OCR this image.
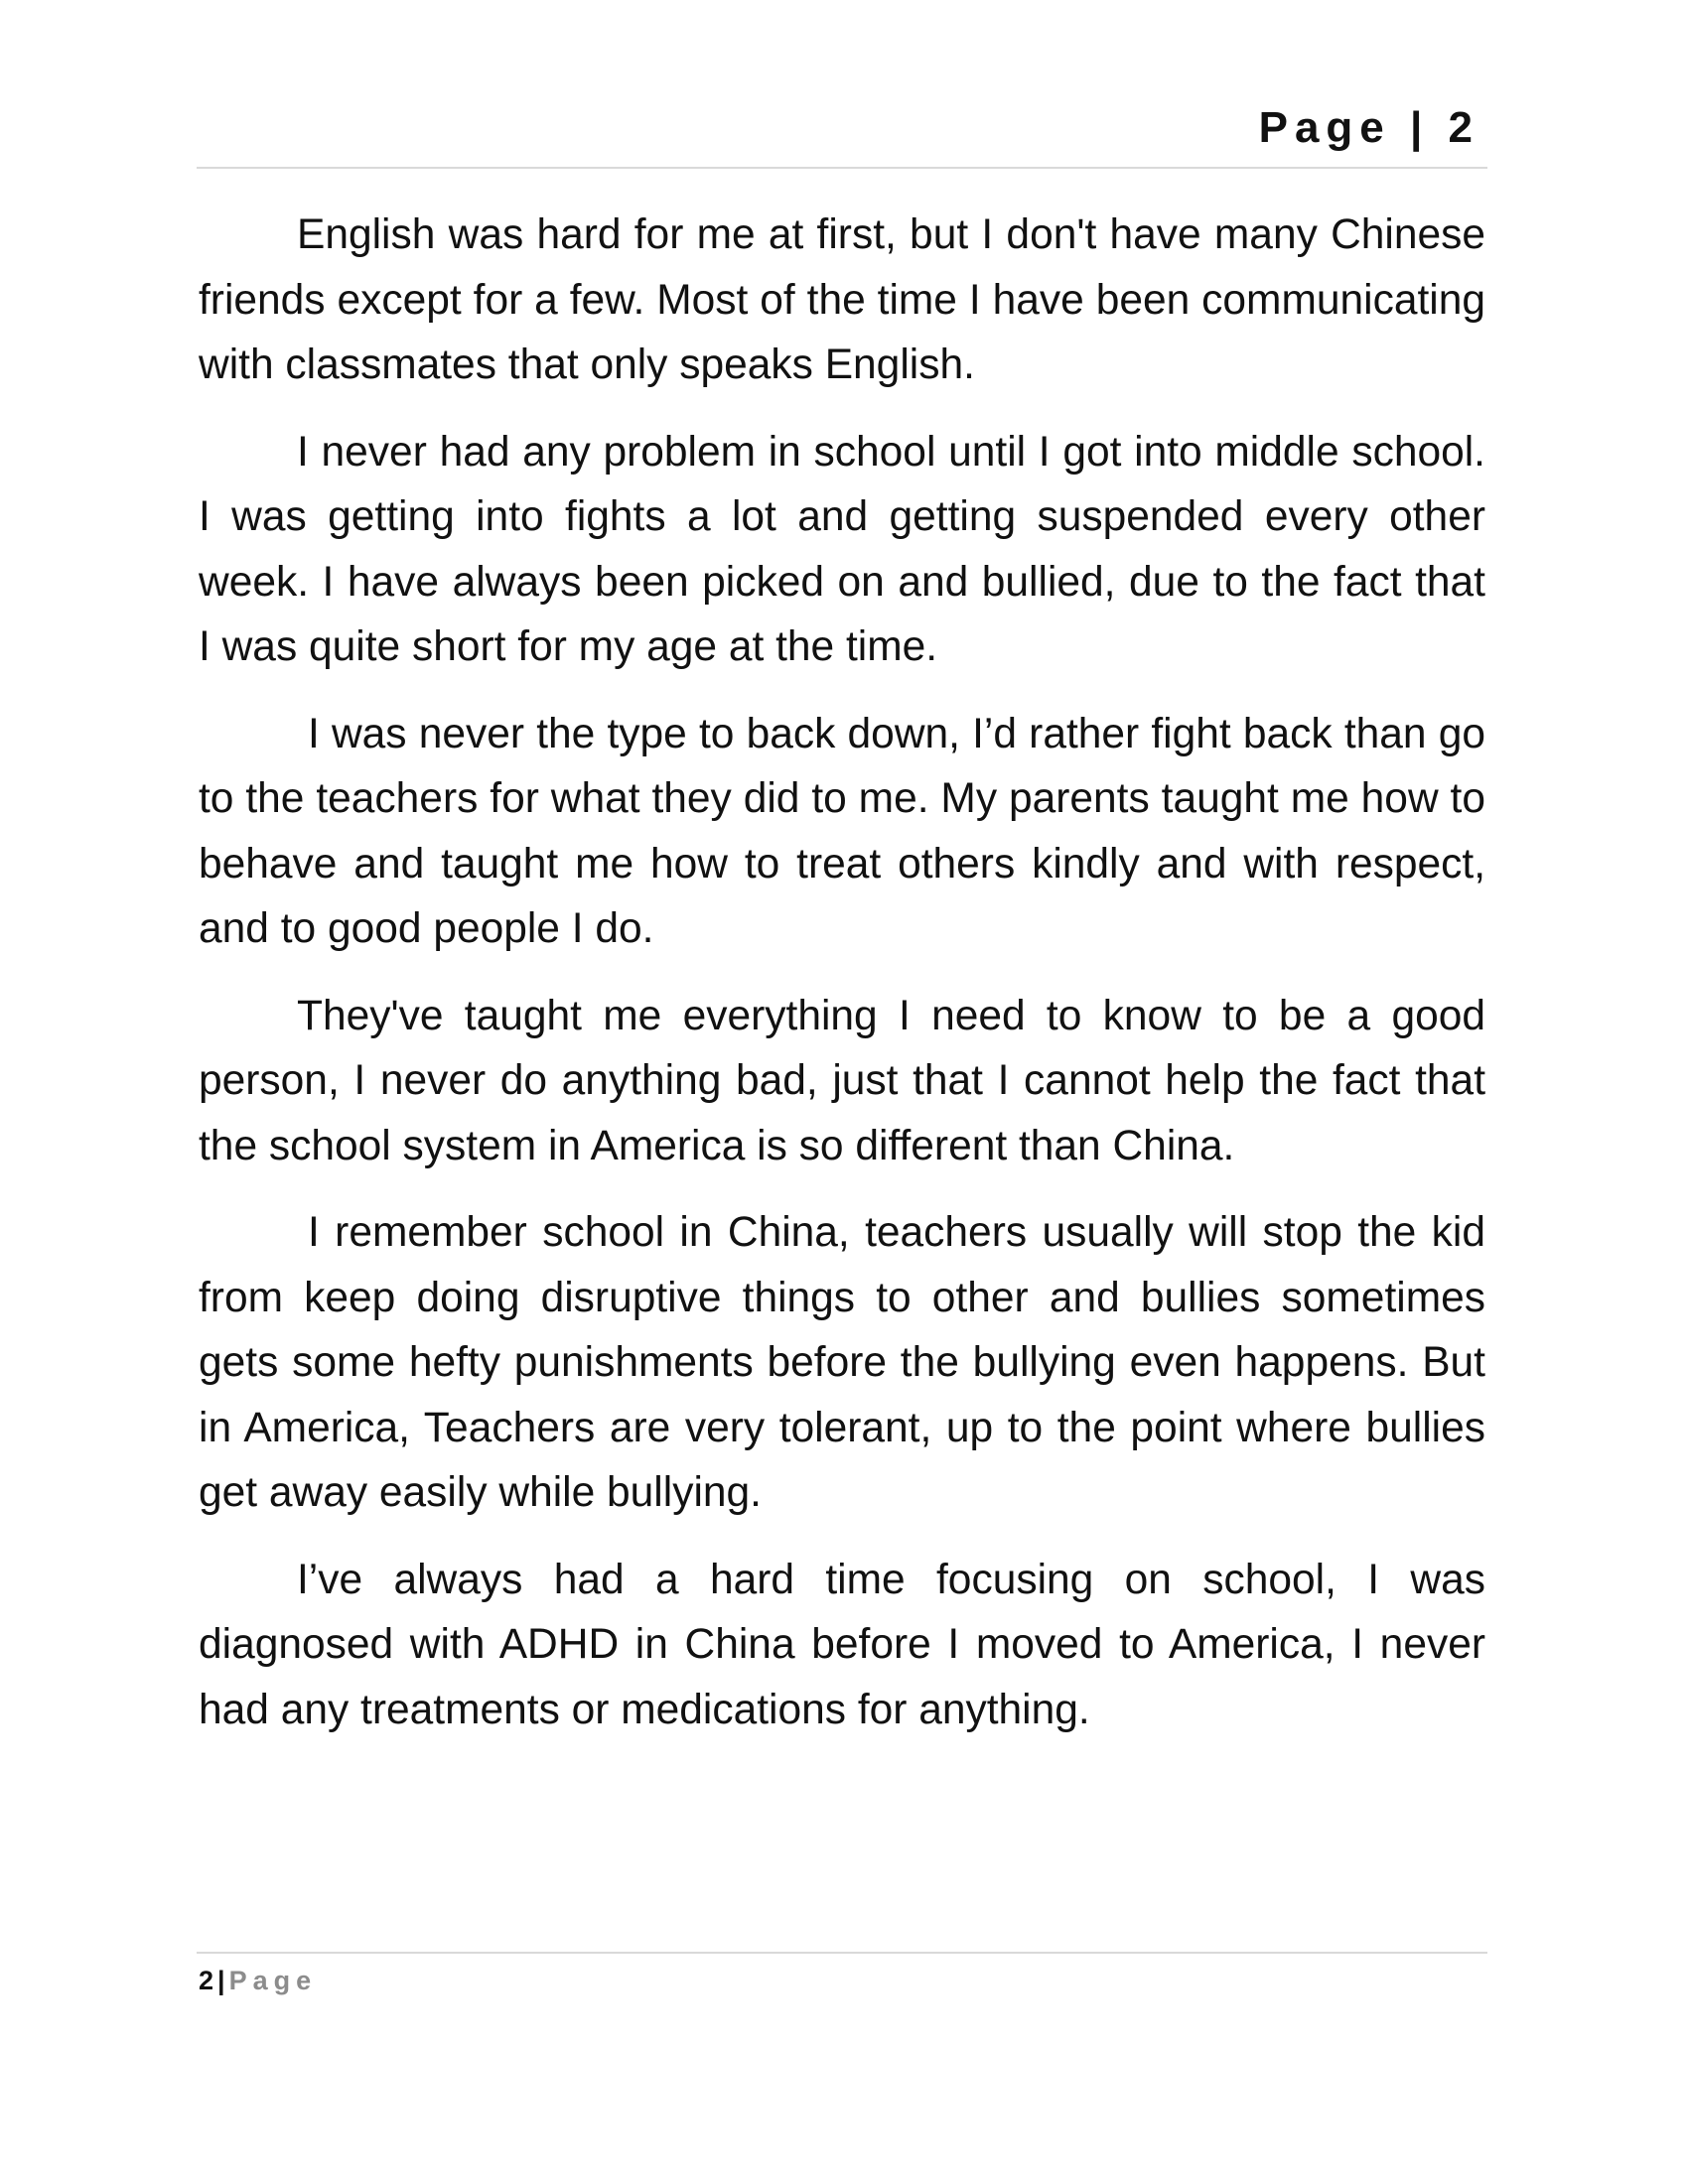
Page | 2

English was hard for me at first, but I don't have many Chinese friends except for a few. Most of the time I have been communicating with classmates that only speaks English.

I never had any problem in school until I got into middle school. I was getting into fights a lot and getting suspended every other week. I have always been picked on and bullied, due to the fact that I was quite short for my age at the time.

I was never the type to back down, I’d rather fight back than go to the teachers for what they did to me. My parents taught me how to behave and taught me how to treat others kindly and with respect, and to good people I do.

They've taught me everything I need to know to be a good person, I never do anything bad, just that I cannot help the fact that the school system in America is so different than China.

I remember school in China, teachers usually will stop the kid from keep doing disruptive things to other and bullies sometimes gets some hefty punishments before the bullying even happens. But in America, Teachers are very tolerant, up to the point where bullies get away easily while bullying.

I’ve always had a hard time focusing on school, I was diagnosed with ADHD in China before I moved to America, I never had any treatments or medications for anything.

2 | Page
